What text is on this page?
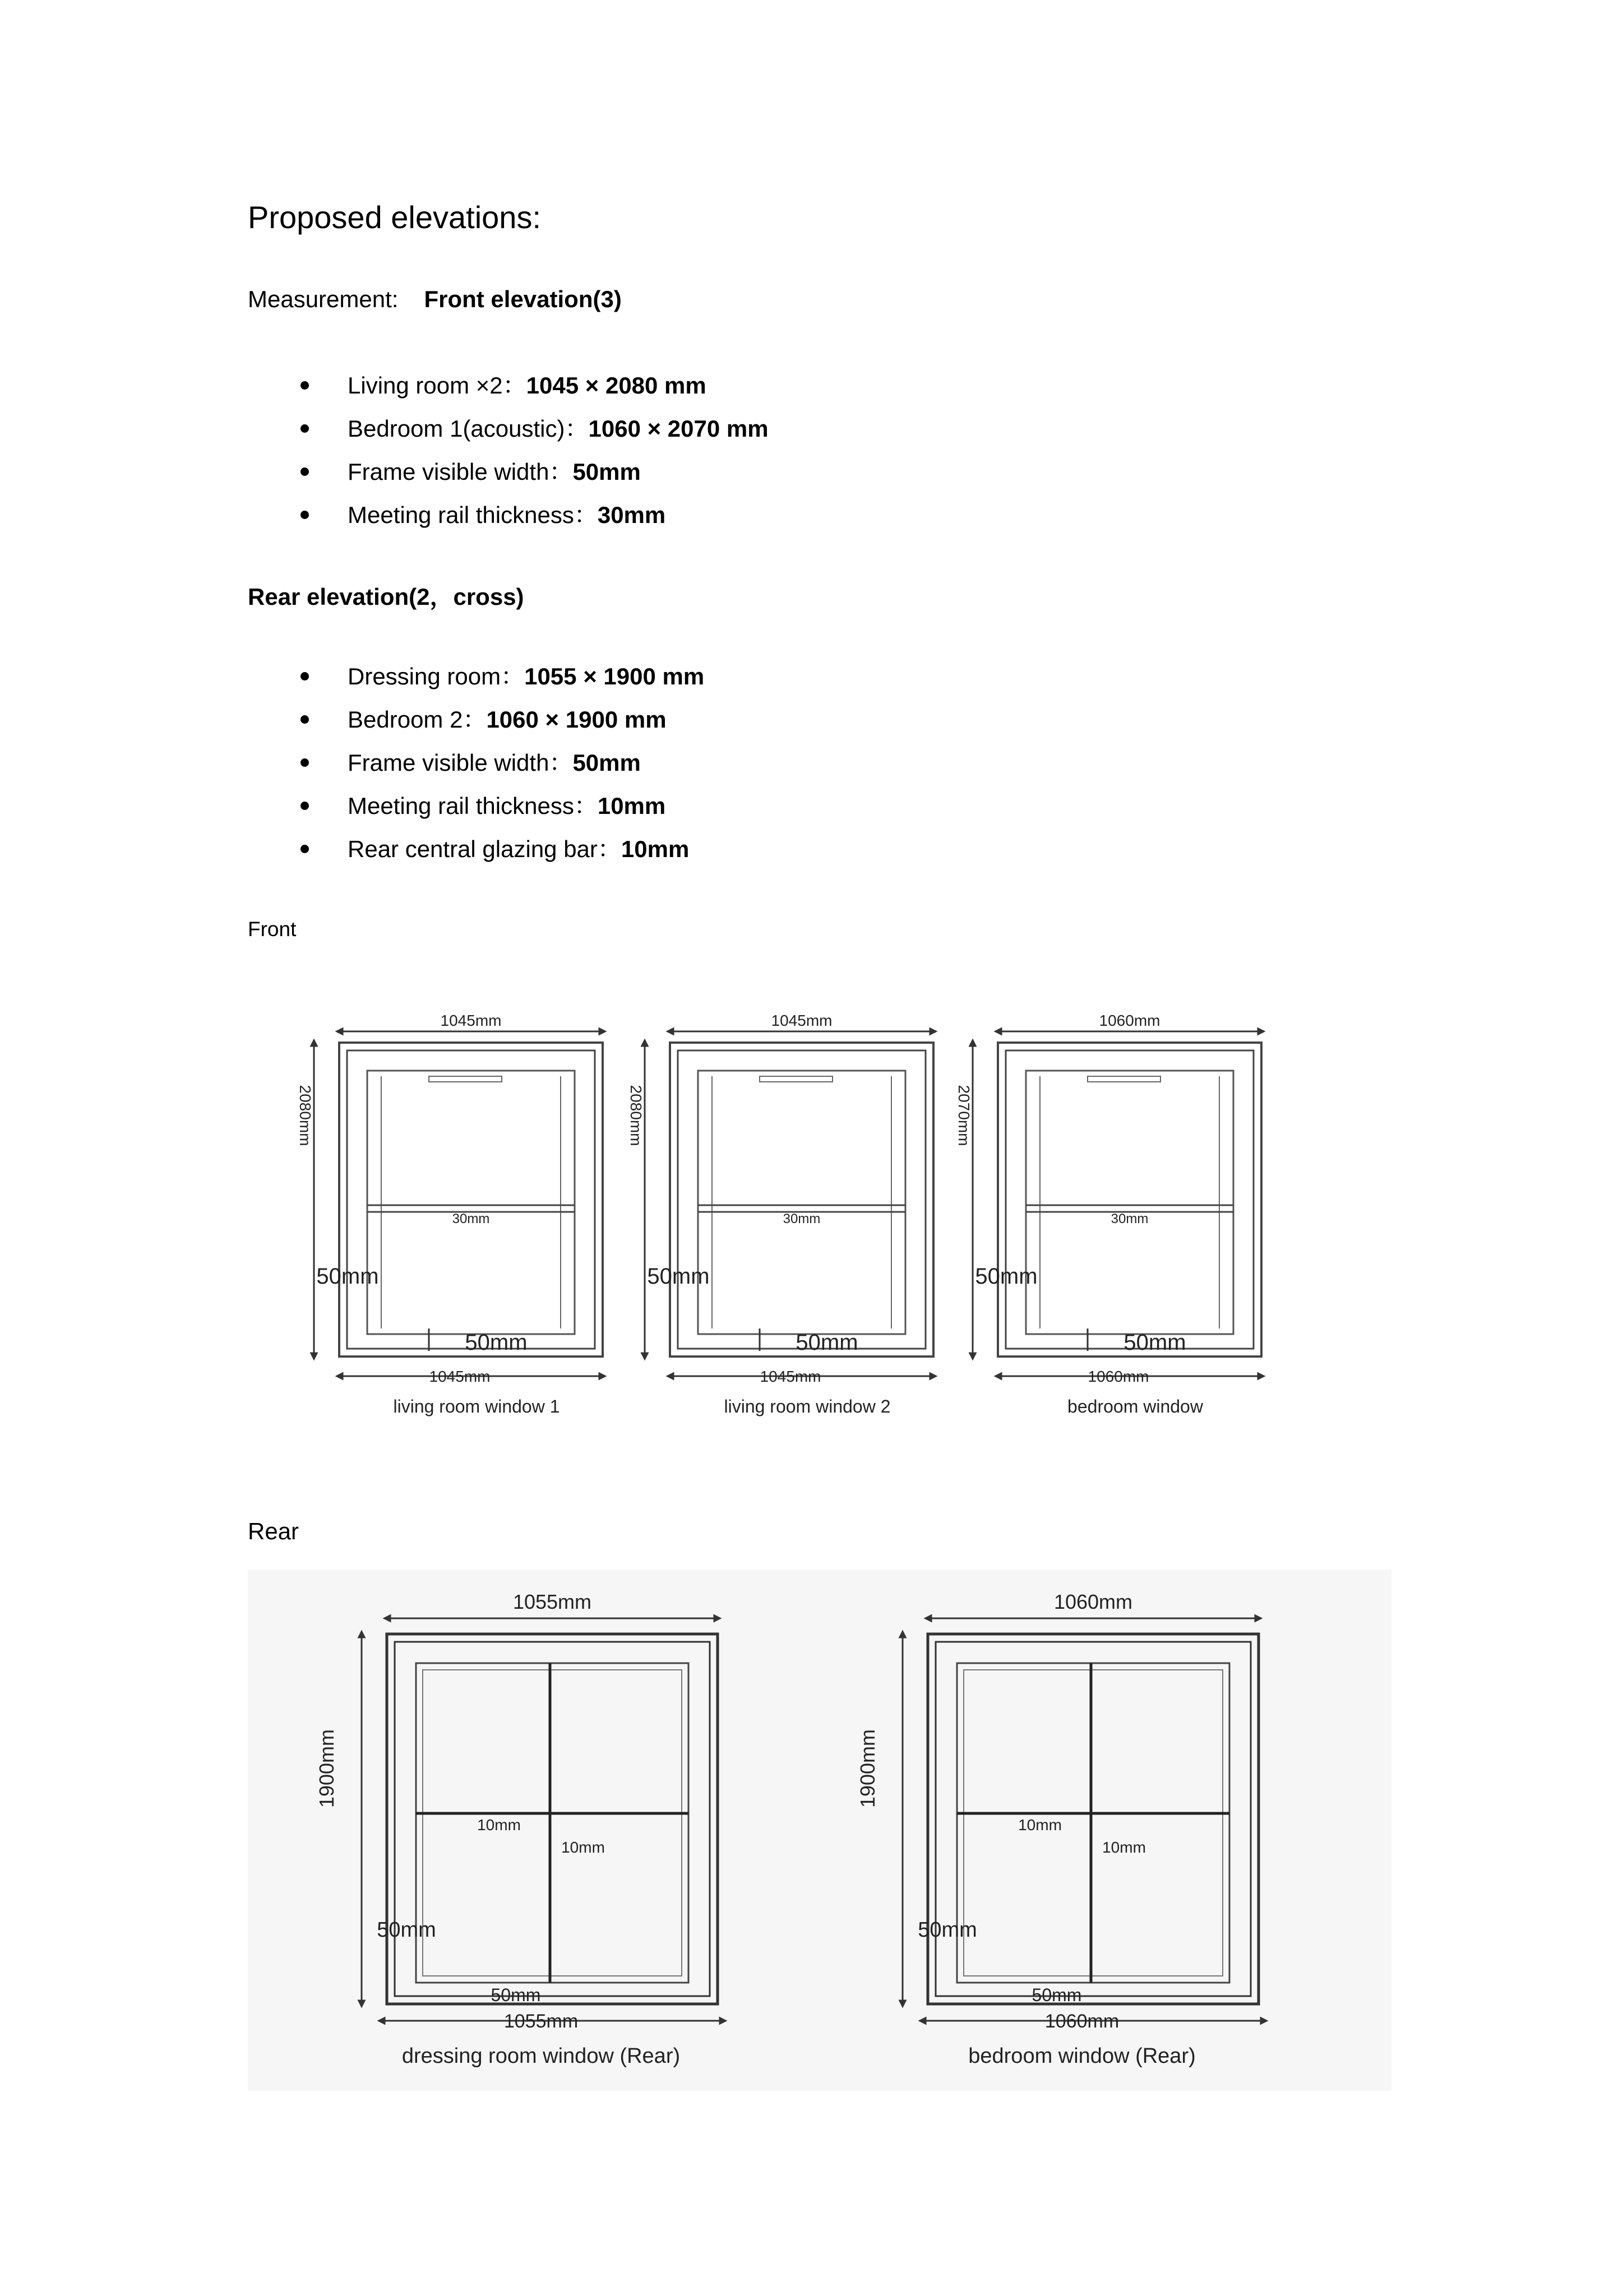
Proposed elevations:
Measurement: Front elevation(3)
Living room ×2：1045 × 2080 mm
Bedroom 1(acoustic)：1060 × 2070 mm
Frame visible width：50mm
Meeting rail thickness：30mm
Rear elevation(2，cross)
Dressing room：1055 × 1900 mm
Bedroom 2：1060 × 1900 mm
Frame visible width：50mm
Meeting rail thickness：10mm
Rear central glazing bar：10mm
Front
30mm
1045mm
2080mm
50mm
50mm
1045mm
living room window 1
30mm
1045mm
2080mm
50mm
50mm
1045mm
living room window 2
30mm
1060mm
2070mm
50mm
50mm
1060mm
bedroom window
Rear
10mm
10mm
1055mm
1900mm
50mm
50mm
1055mm
dressing room window (Rear)
10mm
10mm
1060mm
1900mm
50mm
50mm
1060mm
bedroom window (Rear)
